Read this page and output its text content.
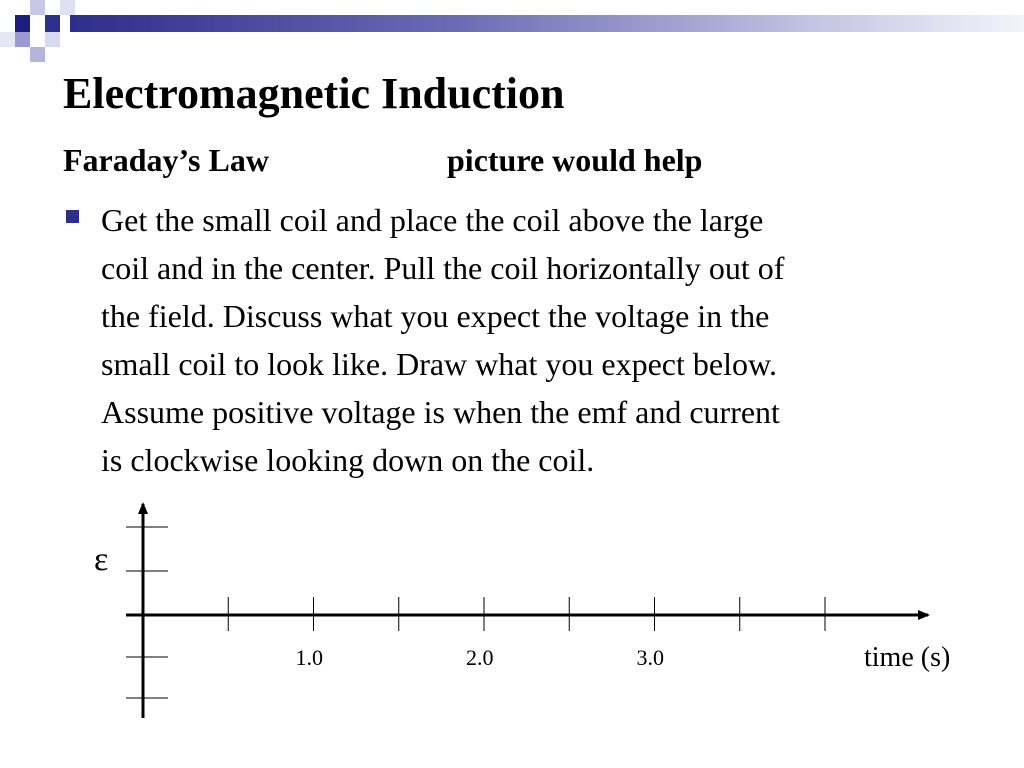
Electromagnetic Induction
Faraday’s Law	picture would help
Get the small coil and place the coil above the large
coil and in the center. Pull the coil horizontally out of
the field. Discuss what you expect the voltage in the
small coil to look like. Draw what you expect below.
Assume positive voltage is when the emf and current
is clockwise looking down on the coil.
ε
1.0	2.0	3.0	time (s)
